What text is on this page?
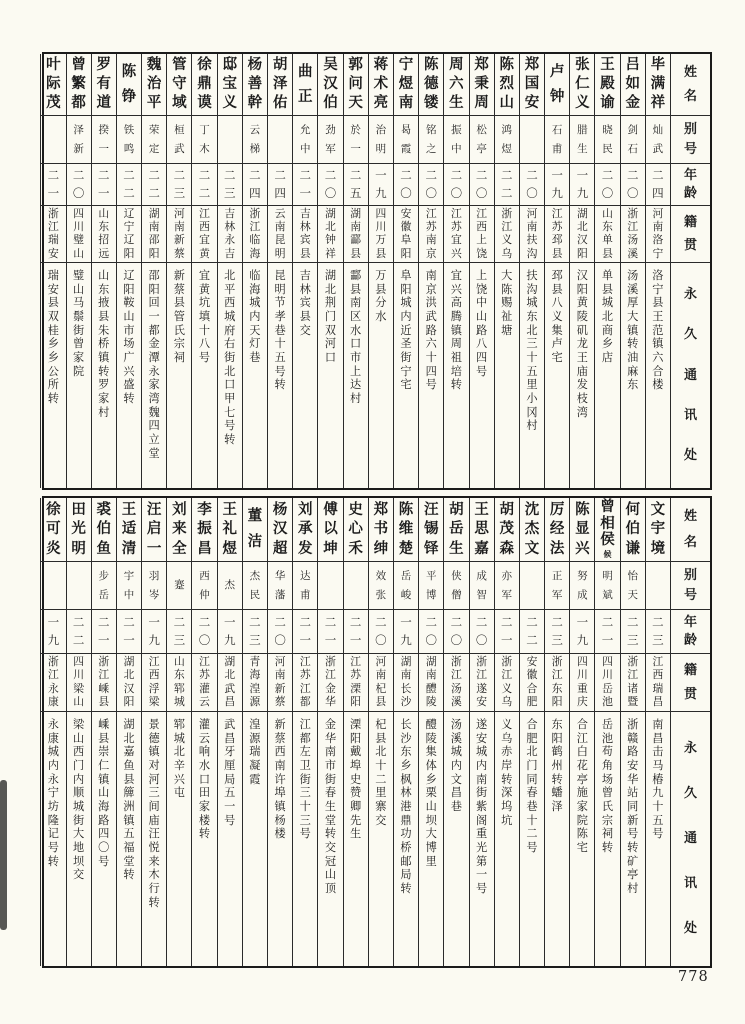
姓
名
别
号
年
龄
籍
贯
永
久
通
讯
处
毕
满
祥
灿
武
二
四
河
南
洛
宁
洛
宁
县
王
范
镇
六
合
楼
吕
如
金
剑
石
二
〇
浙
江
汤
溪
汤
溪
厚
大
镇
转
油
麻
东
王
殿
谕
晓
民
二
〇
山
东
单
县
单
县
城
北
商
乡
店
张
仁
义
腊
生
一
九
湖
北
汉
阳
汉
阳
黄
陵
矶
龙
王
庙
发
枝
湾
卢
钟
石
甫
一
九
江
苏
邳
县
邳
县
八
义
集
卢
宅
郑
国
安
二
〇
河
南
扶
沟
扶
沟
城
东
北
三
十
五
里
小
冈
村
陈
烈
山
鸿
煜
二
二
浙
江
义
乌
大
陈
赐
祉
塘
郑
秉
周
松
亭
二
〇
江
西
上
饶
上
饶
中
山
路
八
四
号
周
六
生
振
中
二
〇
江
苏
宜
兴
宜
兴
高
腾
镇
周
祖
培
转
陈
德
镂
铭
之
二
〇
江
苏
南
京
南
京
洪
武
路
六
十
四
号
宁
煜
南
曷
霞
二
〇
安
徽
阜
阳
阜
阳
城
内
近
圣
街
宁
宅
蒋
术
亮
治
明
一
九
四
川
万
县
万
县
分
水
郭
问
天
於
一
二
五
湖
南
酃
县
酃
县
南
区
水
口
市
上
达
村
吴
汉
伯
劲
军
二
〇
湖
北
钟
祥
湖
北
荆
门
双
河
口
曲
正
允
中
二
一
吉
林
宾
县
吉
林
宾
县
交
胡
泽
佑
二
四
云
南
昆
明
昆
明
节
孝
巷
十
五
号
转
杨
善
幹
云
梯
二
四
浙
江
临
海
临
海
城
内
天
灯
巷
邸
宝
义
二
三
吉
林
永
吉
北
平
西
城
府
右
街
北
口
甲
七
号
转
徐
鼎
谟
丁
木
二
二
江
西
宜
黄
宜
黄
坑
填
十
八
号
管
守
域
桓
武
二
三
河
南
新
蔡
新
蔡
县
管
氏
宗
祠
魏
治
平
荣
定
二
二
湖
南
邵
阳
邵
阳
回
一
都
金
潭
永
家
湾
魏
四
立
堂
陈
铮
铁
鸣
二
二
辽
宁
辽
阳
辽
阳
鞍
山
市
场
广
兴
盛
转
罗
有
道
揆
一
二
一
山
东
招
远
山
东
掖
县
朱
桥
镇
转
罗
家
村
曾
繁
都
泽
新
二
〇
四
川
璧
山
璧
山
马
鬃
街
曾
家
院
叶
际
茂
二
一
浙
江
瑞
安
瑞
安
县
双
桂
乡
乡
公
所
转
姓
名
别
号
年
龄
籍
贯
永
久
通
讯
处
文
宇
境
二
三
江
西
瑞
昌
南
昌
击
马
椿
九
十
五
号
何
伯
谦
怡
天
二
三
浙
江
诸
暨
浙
赣
路
安
华
站
同
新
号
转
矿
亭
村
曾
相
侯
候
明
斌
二
一
四
川
岳
池
岳
池
苟
角
场
曾
氏
宗
祠
转
陈
显
兴
努
成
一
九
四
川
重
庆
合
江
白
花
亭
施
家
院
陈
宅
厉
经
法
正
军
二
三
浙
江
东
阳
东
阳
鹤
州
转
蟠
泽
沈
杰
文
二
二
安
徽
合
肥
合
肥
北
门
同
春
巷
十
二
号
胡
茂
森
亦
军
二
一
浙
江
义
乌
义
乌
赤
岸
转
深
坞
坑
王
思
嘉
成
智
二
〇
浙
江
遂
安
遂
安
城
内
南
街
紫
阁
重
光
第
一
号
胡
岳
生
侠
僧
二
〇
浙
江
汤
溪
汤
溪
城
内
文
昌
巷
汪
锡
铎
平
博
二
〇
湖
南
醴
陵
醴
陵
集
体
乡
栗
山
坝
大
博
里
陈
维
楚
岳
峻
一
九
湖
南
长
沙
长
沙
东
乡
枫
林
港
鼎
功
桥
邮
局
转
郑
书
绅
效
张
二
〇
河
南
杞
县
杞
县
北
十
二
里
寨
交
史
心
禾
二
一
江
苏
溧
阳
溧
阳
戴
埠
史
赞
卿
先
生
傅
以
坤
二
一
浙
江
金
华
金
华
南
市
街
春
生
堂
转
交
冠
山
顶
刘
承
发
达
甫
二
一
江
苏
江
都
江
都
左
卫
街
三
十
三
号
杨
汉
超
华
藩
二
〇
河
南
新
蔡
新
蔡
西
南
许
埠
镇
杨
楼
董
洁
杰
民
二
三
青
海
湟
源
湟
源
瑞
凝
霞
王
礼
煜
杰
一
九
湖
北
武
昌
武
昌
牙
厘
局
五
一
号
李
振
昌
西
仲
二
〇
江
苏
灌
云
灌
云
响
水
口
田
家
楼
转
刘
来
全
蹇
二
三
山
东
郓
城
郓
城
北
辛
兴
屯
汪
启
一
羽
岑
一
九
江
西
浮
梁
景
德
镇
对
河
三
间
庙
汪
悦
来
木
行
转
王
适
清
宇
中
二
一
湖
北
汉
阳
湖
北
嘉
鱼
县
簰
洲
镇
五
福
堂
转
裘
伯
鱼
步
岳
二
一
浙
江
嵊
县
嵊
县
崇
仁
镇
山
海
路
四
〇
号
田
光
明
二
二
四
川
梁
山
梁
山
西
门
内
顺
城
街
大
地
坝
交
徐
可
炎
一
九
浙
江
永
康
永
康
城
内
永
宁
坊
隆
记
号
转
778
